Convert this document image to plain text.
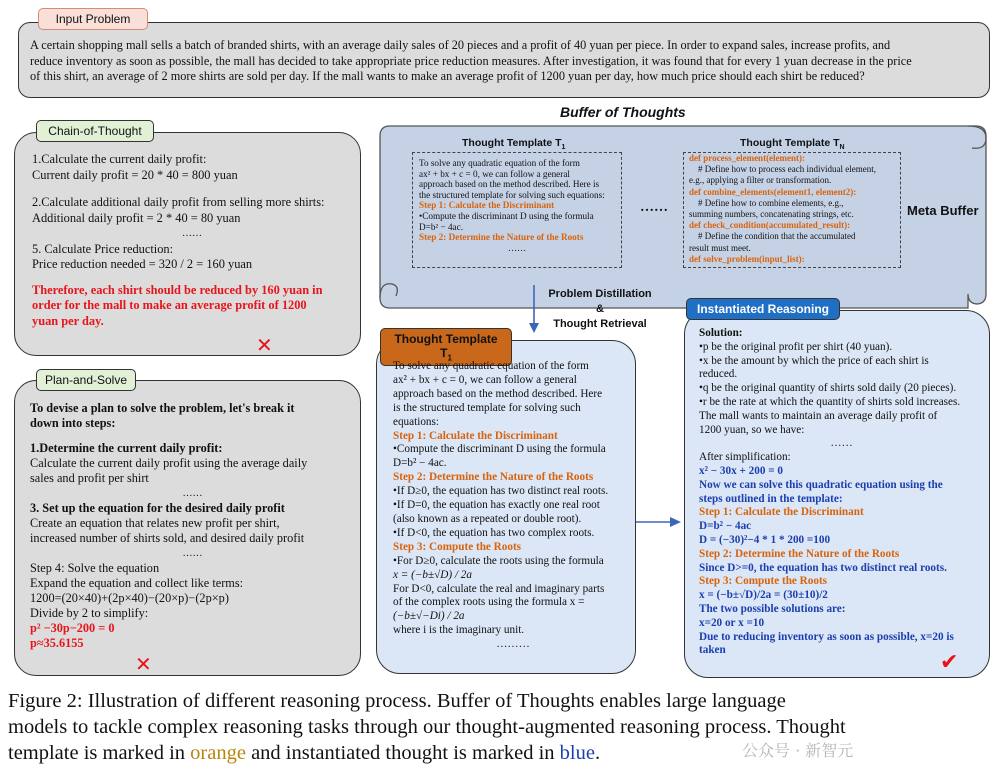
Input Problem
A certain shopping mall sells a batch of branded shirts, with an average daily sales of 20 pieces and a profit of 40 yuan per piece. In order to expand sales, increase profits, and
reduce inventory as soon as possible, the mall has decided to take appropriate price reduction measures. After investigation, it was found that for every 1 yuan decrease in the price
of this shirt, an average of 2 more shirts are sold per day. If the mall wants to make an average profit of 1200 yuan per day, how much price should each shirt be reduced?
Chain-of-Thought
1.Calculate the current daily profit:
Current daily profit = 20 * 40 = 800 yuan
2.Calculate additional daily profit from selling more shirts:
Additional daily profit = 2 * 40 = 80 yuan
……
5. Calculate Price reduction:
Price reduction needed = 320 / 2 = 160 yuan
Therefore, each shirt should be reduced by 160 yuan in
order for the mall to make an average profit of 1200
yuan per day.
✕
Plan-and-Solve
To devise a plan to solve the problem, let's break it
down into steps:
1.Determine the current daily profit:
Calculate the current daily profit using the average daily
sales and profit per shirt
……
3. Set up the equation for the desired daily profit
Create an equation that relates new profit per shirt,
increased number of shirts sold, and desired daily profit
……
Step 4: Solve the equation
Expand the equation and collect like terms:
1200=(20×40)+(2p×40)−(20×p)−(2p×p)
Divide by 2 to simplify:
p² −30p−200 = 0
p≈35.6155
✕
Buffer of Thoughts
Meta Buffer
Thought Template $T_1$
To solve any quadratic equation of the form
ax² + bx + c = 0, we can follow a general
approach based on the method described. Here is
the structured template for solving such equations:
Step 1: Calculate the Discriminant
•Compute the discriminant D using the formula
D=b² − 4ac.
Step 2: Determine the Nature of the Roots
……
……
Thought Template $T_N$
def process_element(element):
# Define how to process each individual element,
e.g., applying a filter or transformation.
def combine_elements(element1, element2):
# Define how to combine elements, e.g.,
summing numbers, concatenating strings, etc.
def check_condition(accumulated_result):
# Define the condition that the accumulated
result must meet.
def solve_problem(input_list):
Problem Distillation
&
Thought Retrieval
Thought Template $T_1$
To solve any quadratic equation of the form
ax² + bx + c = 0, we can follow a general
approach based on the method described. Here
is the structured template for solving such
equations:
Step 1: Calculate the Discriminant
•Compute the discriminant D using the formula
D=b² − 4ac.
Step 2: Determine the Nature of the Roots
•If D≥0, the equation has two distinct real roots.
•If D=0, the equation has exactly one real root
(also known as a repeated or double root).
•If D<0, the equation has two complex roots.
Step 3: Compute the Roots
•For D≥0, calculate the roots using the formula
x = (−b±√D) / 2a
For D<0, calculate the real and imaginary parts
of the complex roots using the formula x =
(−b±√−Di) / 2a
where i is the imaginary unit.
………
Instantiated Reasoning
Solution:
•p be the original profit per shirt (40 yuan).
•x be the amount by which the price of each shirt is
reduced.
•q be the original quantity of shirts sold daily (20 pieces).
•r be the rate at which the quantity of shirts sold increases.
The mall wants to maintain an average daily profit of
1200 yuan, so we have:
……
After simplification:
x² − 30x + 200 = 0
Now we can solve this quadratic equation using the
steps outlined in the template:
Step 1: Calculate the Discriminant
D=b² − 4ac
D = (−30)²−4 * 1 * 200 =100
Step 2: Determine the Nature of the Roots
Since D>=0, the equation has two distinct real roots.
Step 3: Compute the Roots
x = (−b±√D)/2a = (30±10)/2
The two possible solutions are:
x=20 or x =10
Due to reducing inventory as soon as possible, x=20 is
taken	✔
Figure 2: Illustration of different reasoning process. Buffer of Thoughts enables large language
models to tackle complex reasoning tasks through our thought-augmented reasoning process. Thought
template is marked in orange and instantiated thought is marked in blue.	公众号 · 新智元
